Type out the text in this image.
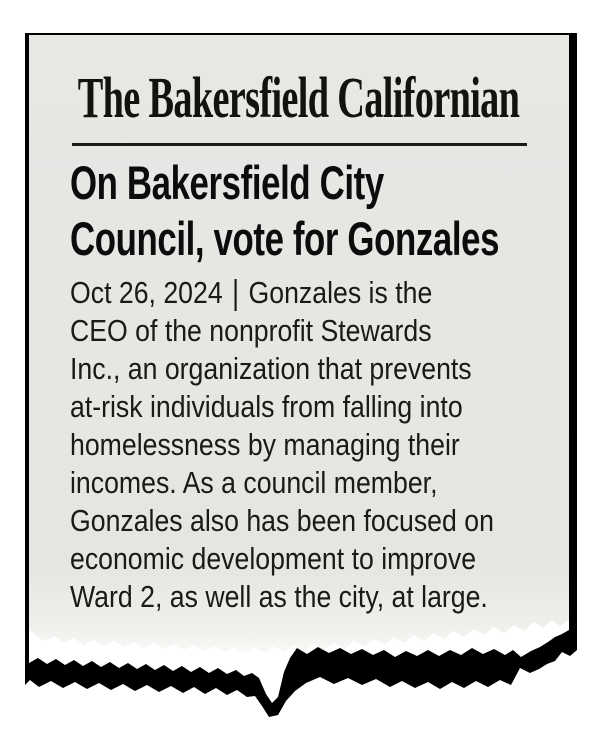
The Bakersfield Californian
On Bakersfield City
Council, vote for Gonzales
Oct 26, 2024 | Gonzales is the
CEO of the nonprofit Stewards
Inc., an organization that prevents
at-risk individuals from falling into
homelessness by managing their
incomes. As a council member,
Gonzales also has been focused on
economic development to improve
Ward 2, as well as the city, at large.
